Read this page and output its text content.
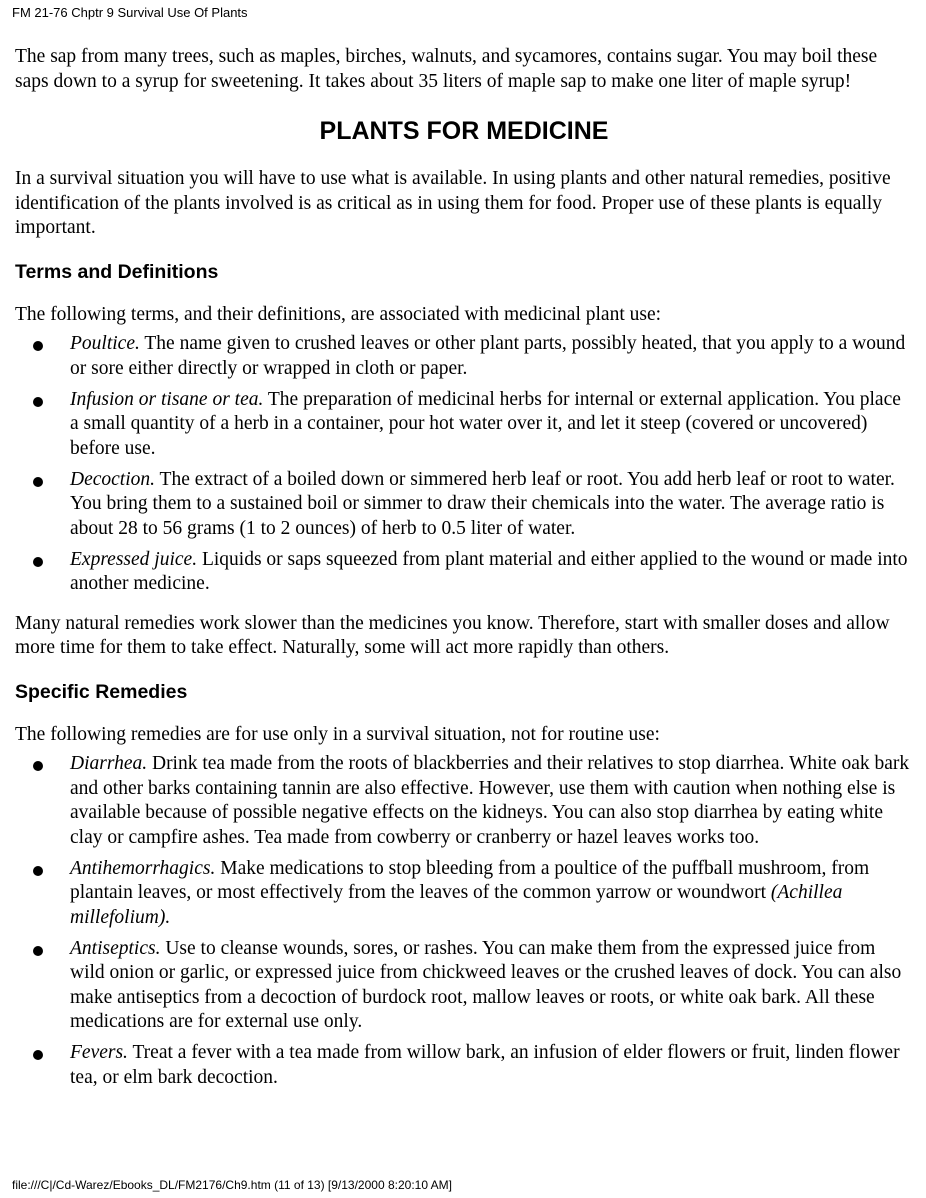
FM 21-76 Chptr 9 Survival Use Of Plants

The sap from many trees, such as maples, birches, walnuts, and sycamores, contains sugar. You may boil these saps down to a syrup for sweetening. It takes about 35 liters of maple sap to make one liter of maple syrup!

PLANTS FOR MEDICINE

In a survival situation you will have to use what is available. In using plants and other natural remedies, positive identification of the plants involved is as critical as in using them for food. Proper use of these plants is equally important.

Terms and Definitions

The following terms, and their definitions, are associated with medicinal plant use:

Poultice. The name given to crushed leaves or other plant parts, possibly heated, that you apply to a wound or sore either directly or wrapped in cloth or paper.
Infusion or tisane or tea. The preparation of medicinal herbs for internal or external application. You place a small quantity of a herb in a container, pour hot water over it, and let it steep (covered or uncovered) before use.
Decoction. The extract of a boiled down or simmered herb leaf or root. You add herb leaf or root to water. You bring them to a sustained boil or simmer to draw their chemicals into the water. The average ratio is about 28 to 56 grams (1 to 2 ounces) of herb to 0.5 liter of water.
Expressed juice. Liquids or saps squeezed from plant material and either applied to the wound or made into another medicine.

Many natural remedies work slower than the medicines you know. Therefore, start with smaller doses and allow more time for them to take effect. Naturally, some will act more rapidly than others.

Specific Remedies

The following remedies are for use only in a survival situation, not for routine use:

Diarrhea. Drink tea made from the roots of blackberries and their relatives to stop diarrhea. White oak bark and other barks containing tannin are also effective. However, use them with caution when nothing else is available because of possible negative effects on the kidneys. You can also stop diarrhea by eating white clay or campfire ashes. Tea made from cowberry or cranberry or hazel leaves works too.
Antihemorrhagics. Make medications to stop bleeding from a poultice of the puffball mushroom, from plantain leaves, or most effectively from the leaves of the common yarrow or woundwort (Achillea millefolium).
Antiseptics. Use to cleanse wounds, sores, or rashes. You can make them from the expressed juice from wild onion or garlic, or expressed juice from chickweed leaves or the crushed leaves of dock. You can also make antiseptics from a decoction of burdock root, mallow leaves or roots, or white oak bark. All these medications are for external use only.
Fevers. Treat a fever with a tea made from willow bark, an infusion of elder flowers or fruit, linden flower tea, or elm bark decoction.
file:///C|/Cd-Warez/Ebooks_DL/FM2176/Ch9.htm (11 of 13) [9/13/2000 8:20:10 AM]
